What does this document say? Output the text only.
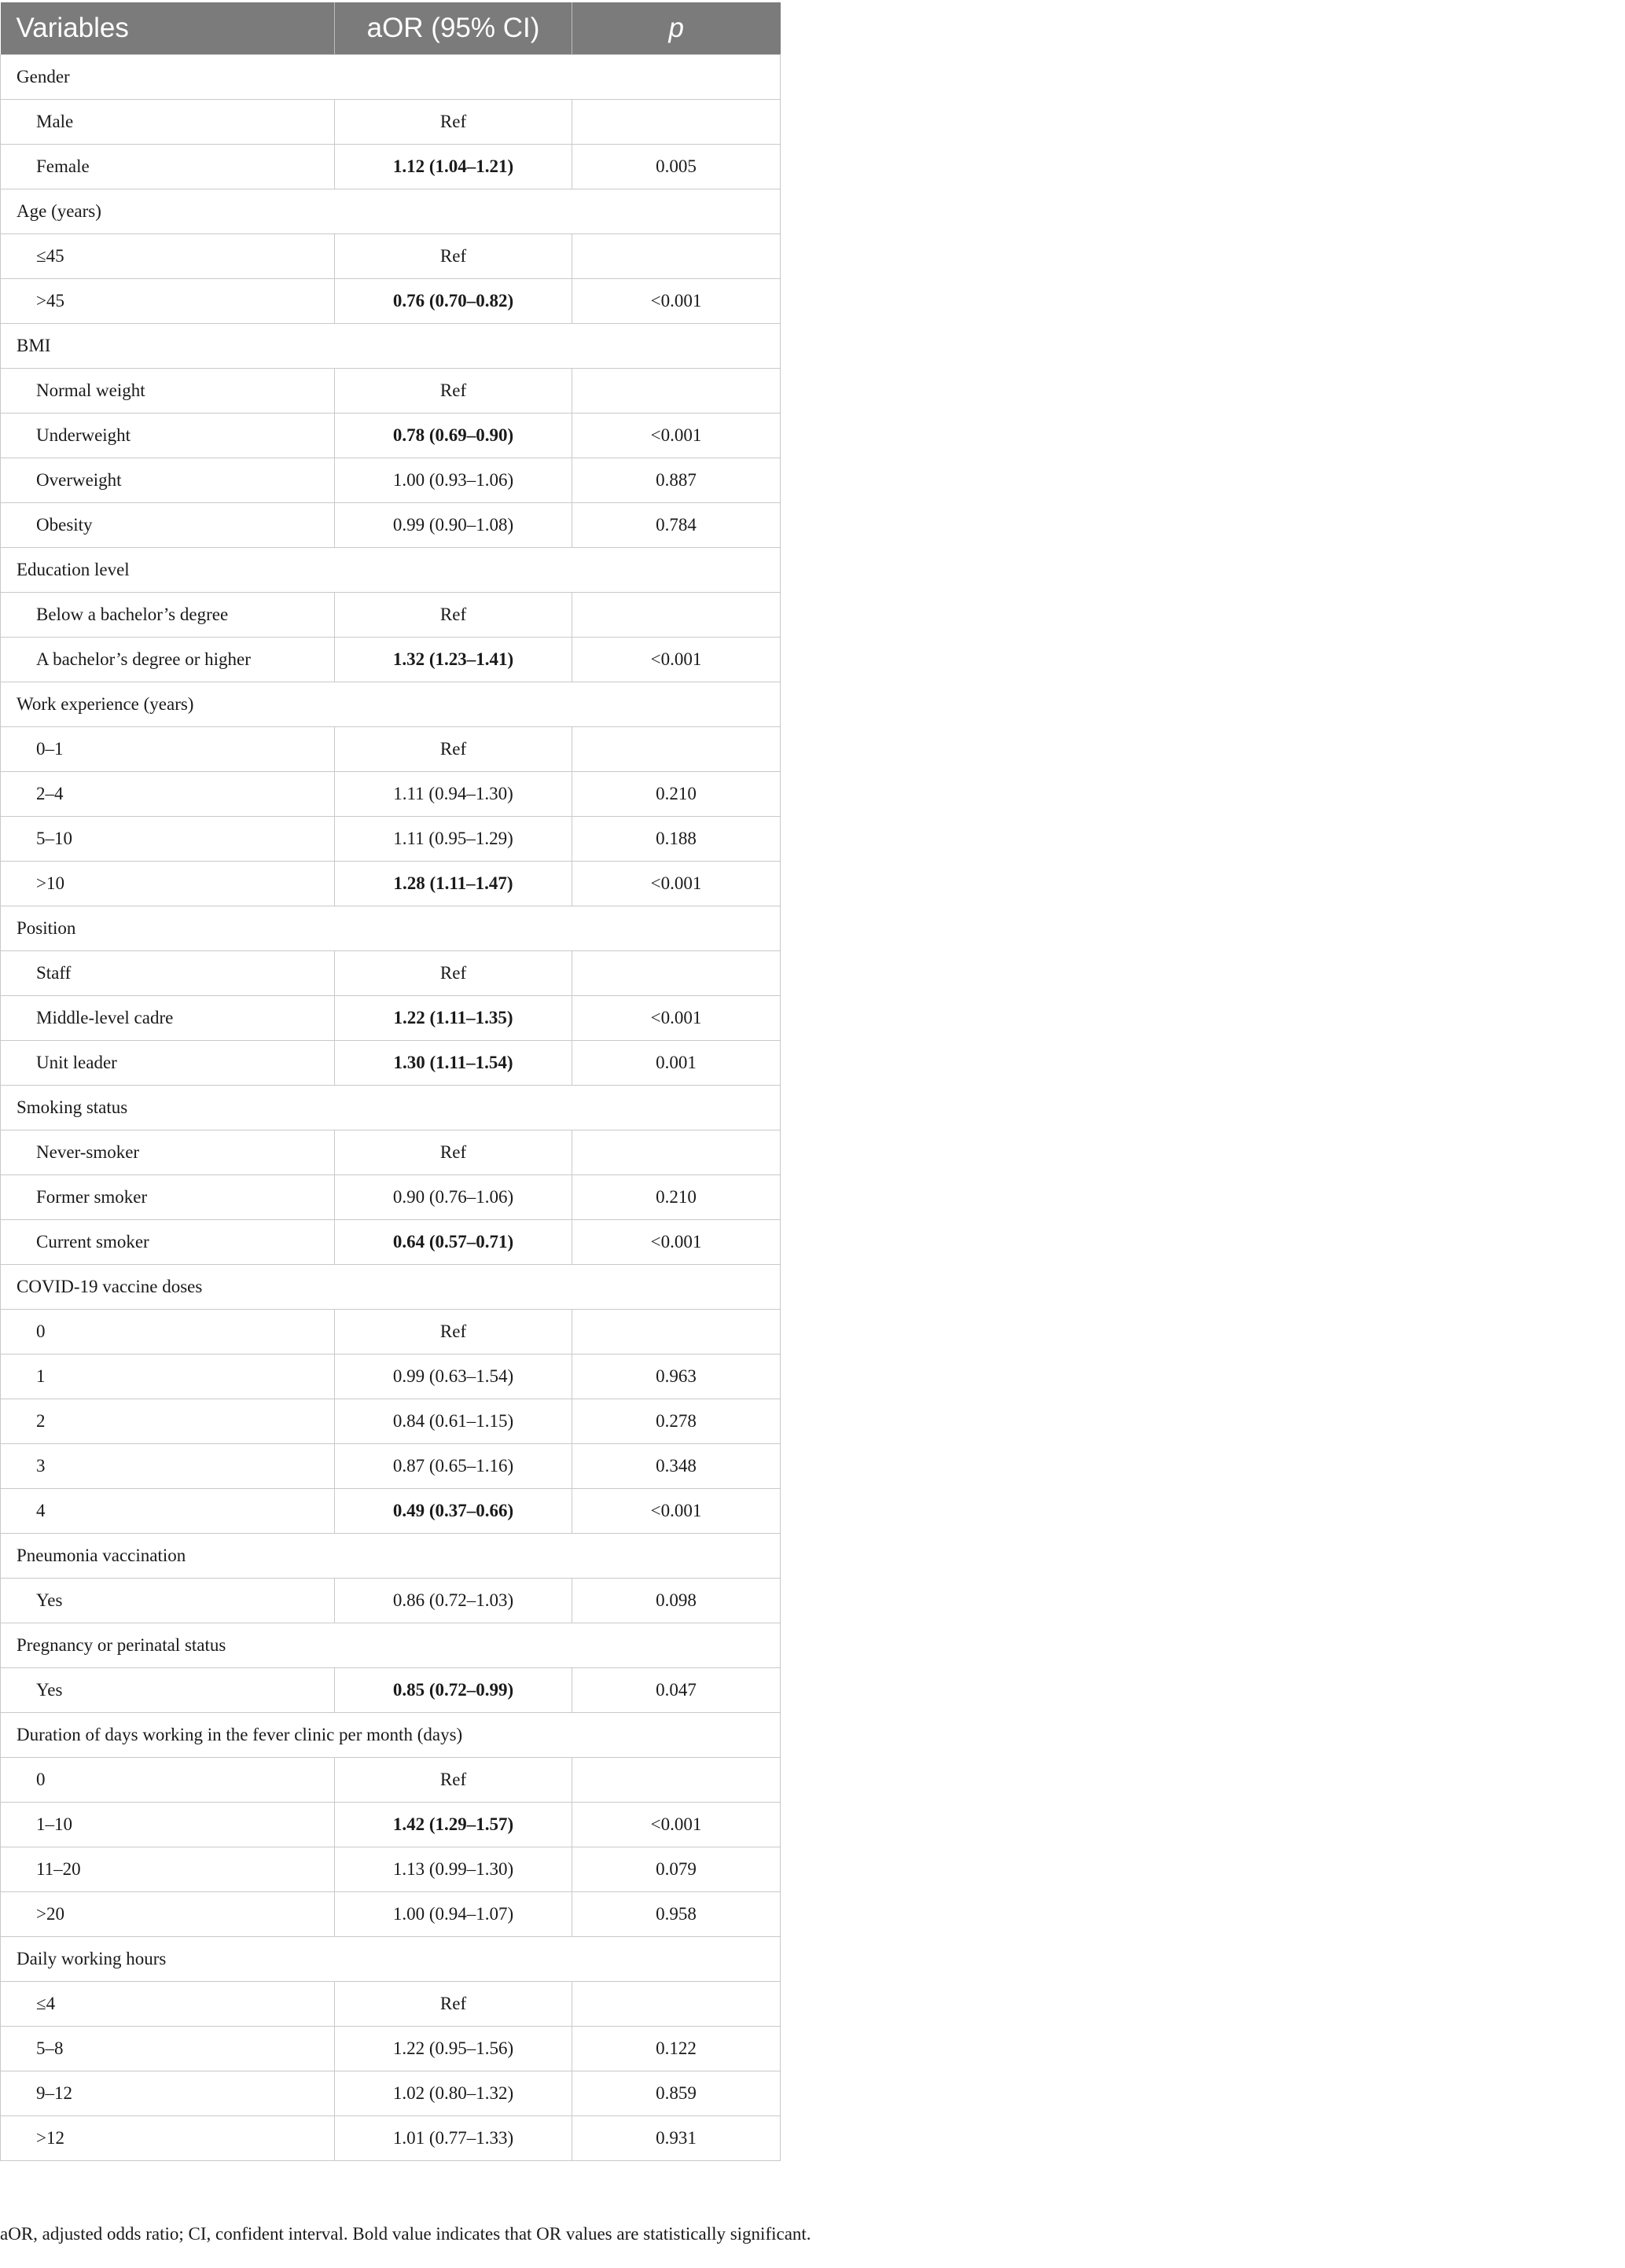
Variables	aOR (95% CI)	p
Gender		
Male	Ref	
Female	1.12 (1.04–1.21)	0.005
Age (years)		
≤45	Ref	
>45	0.76 (0.70–0.82)	<0.001
BMI		
Normal weight	Ref	
Underweight	0.78 (0.69–0.90)	<0.001
Overweight	1.00 (0.93–1.06)	0.887
Obesity	0.99 (0.90–1.08)	0.784
Education level		
Below a bachelor’s degree	Ref	
A bachelor’s degree or higher	1.32 (1.23–1.41)	<0.001
Work experience (years)		
0–1	Ref	
2–4	1.11 (0.94–1.30)	0.210
5–10	1.11 (0.95–1.29)	0.188
>10	1.28 (1.11–1.47)	<0.001
Position		
Staff	Ref	
Middle-level cadre	1.22 (1.11–1.35)	<0.001
Unit leader	1.30 (1.11–1.54)	0.001
Smoking status		
Never-smoker	Ref	
Former smoker	0.90 (0.76–1.06)	0.210
Current smoker	0.64 (0.57–0.71)	<0.001
COVID-19 vaccine doses		
0	Ref	
1	0.99 (0.63–1.54)	0.963
2	0.84 (0.61–1.15)	0.278
3	0.87 (0.65–1.16)	0.348
4	0.49 (0.37–0.66)	<0.001
Pneumonia vaccination		
Yes	0.86 (0.72–1.03)	0.098
Pregnancy or perinatal status		
Yes	0.85 (0.72–0.99)	0.047
Duration of days working in the fever clinic per month (days)		
0	Ref	
1–10	1.42 (1.29–1.57)	<0.001
11–20	1.13 (0.99–1.30)	0.079
>20	1.00 (0.94–1.07)	0.958
Daily working hours		
≤4	Ref	
5–8	1.22 (0.95–1.56)	0.122
9–12	1.02 (0.80–1.32)	0.859
>12	1.01 (0.77–1.33)	0.931
aOR, adjusted odds ratio; CI, confident interval. Bold value indicates that OR values are statistically significant.
